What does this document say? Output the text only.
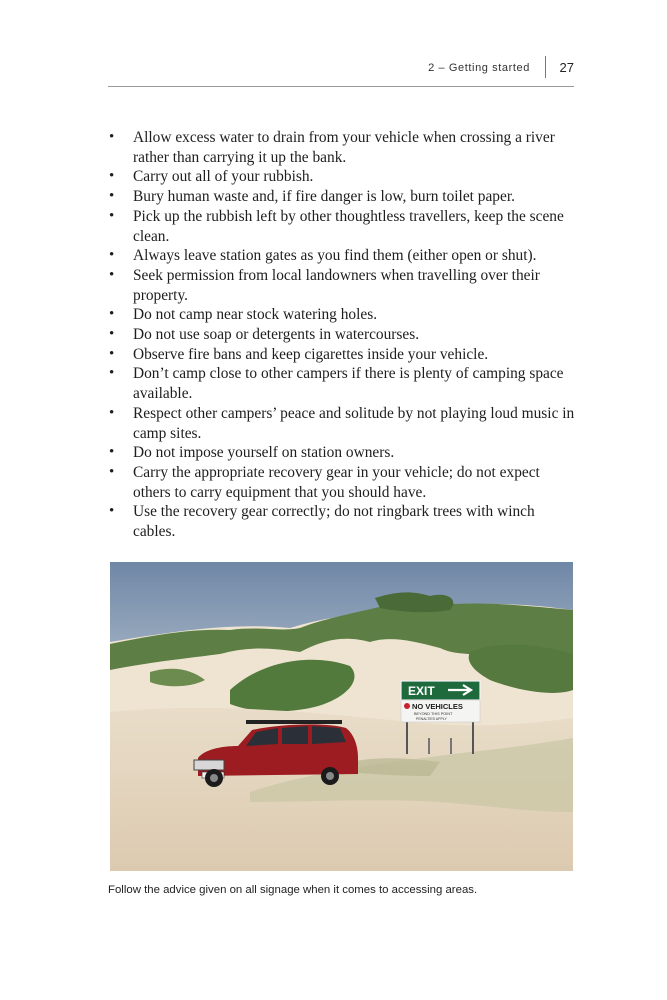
2 – Getting started 27
• Allow excess water to drain from your vehicle when crossing a river rather than carrying it up the bank.
• Carry out all of your rubbish.
• Bury human waste and, if fire danger is low, burn toilet paper.
• Pick up the rubbish left by other thoughtless travellers, keep the scene clean.
• Always leave station gates as you find them (either open or shut).
• Seek permission from local landowners when travelling over their property.
• Do not camp near stock watering holes.
• Do not use soap or detergents in watercourses.
• Observe fire bans and keep cigarettes inside your vehicle.
• Don’t camp close to other campers if there is plenty of camping space available.
• Respect other campers’ peace and solitude by not playing loud music in camp sites.
• Do not impose yourself on station owners.
• Carry the appropriate recovery gear in your vehicle; do not expect others to carry equipment that you should have.
• Use the recovery gear correctly; do not ringbark trees with winch cables.
EXIT
NO VEHICLES
BEYOND THIS POINT
PENALTIES APPLY
Follow the advice given on all signage when it comes to accessing areas.
